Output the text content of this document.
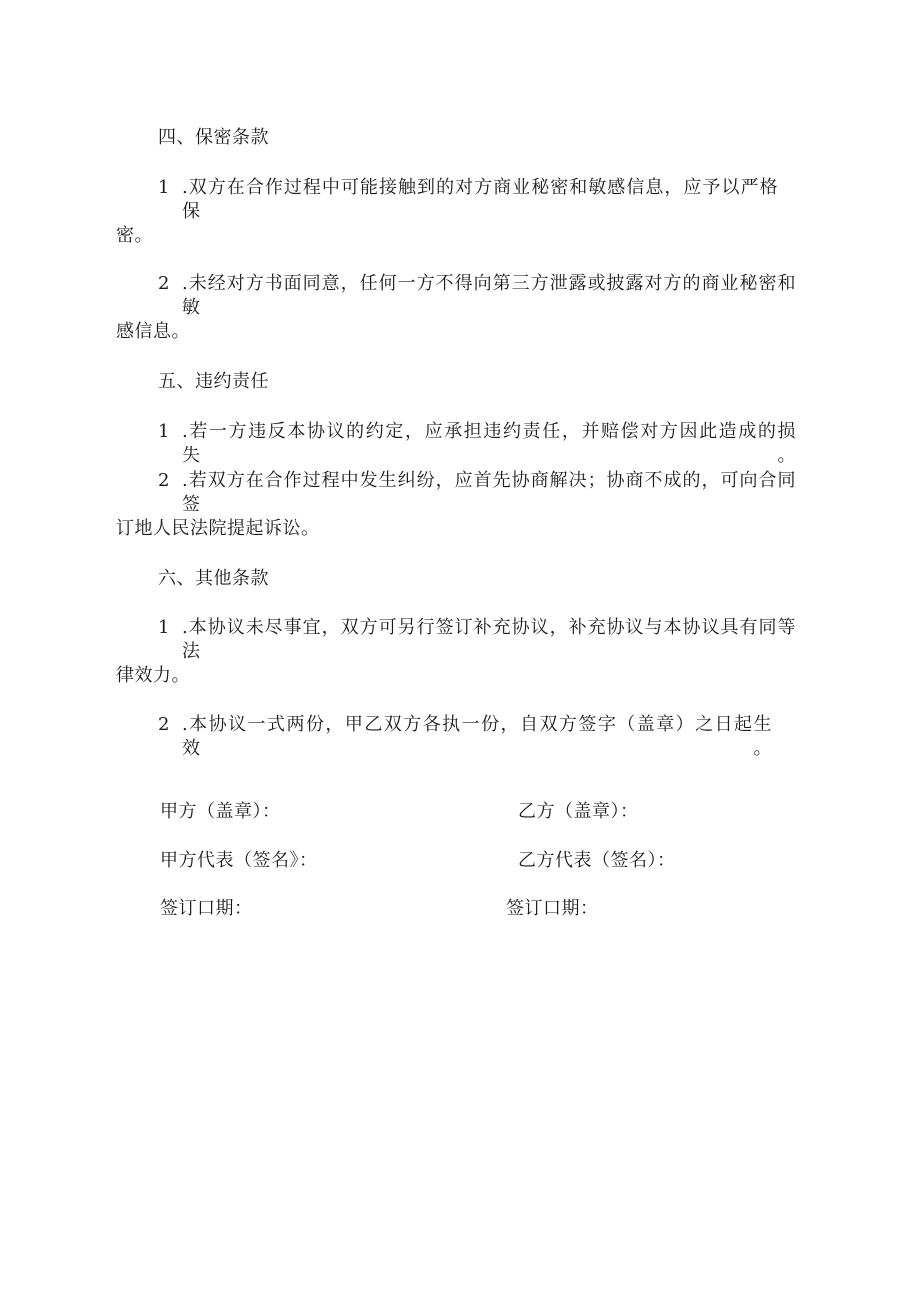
四、保密条款
1 .双方在合作过程中可能接触到的对方商业秘密和敏感信息，应予以严格保
密。
2 .未经对方书面同意，任何一方不得向第三方泄露或披露对方的商业秘密和敏
感信息。
五、违约责任
1 .若一方违反本协议的约定，应承担违约责任，并赔偿对方因此造成的损失。
2 .若双方在合作过程中发生纠纷，应首先协商解决；协商不成的，可向合同签
订地人民法院提起诉讼。
六、其他条款
1 .本协议未尽事宜，双方可另行签订补充协议，补充协议与本协议具有同等法
律效力。
2 .本协议一式两份，甲乙双方各执一份，自双方签字（盖章）之日起生效。
甲方（盖章）：	乙方（盖章）：
甲方代表（签名》：	乙方代表（签名）：
签订口期：	签订口期：
